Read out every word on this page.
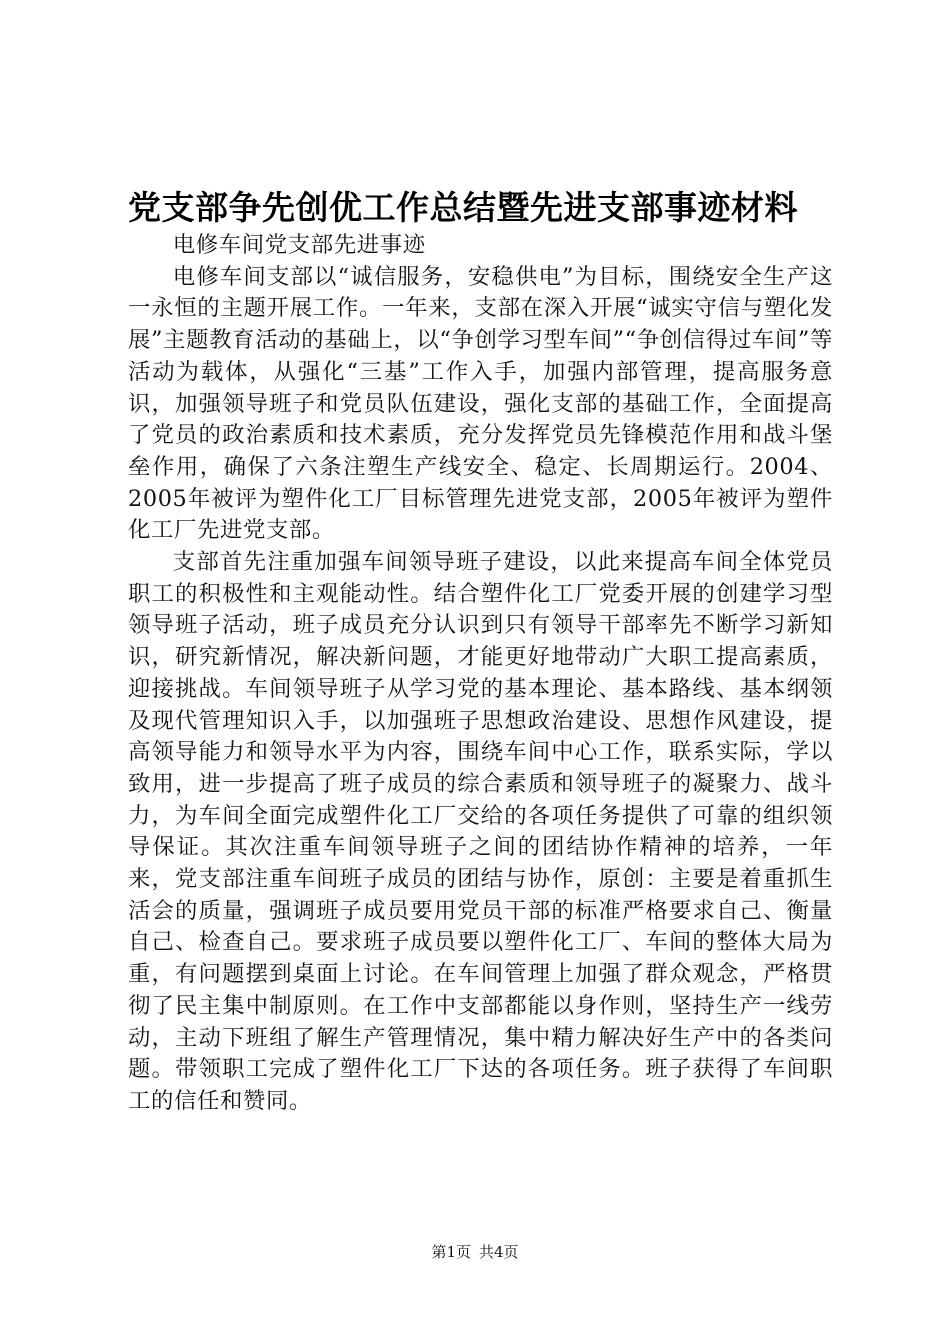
党支部争先创优工作总结暨先进支部事迹材料

电修车间党支部先进事迹

电修车间支部以“诚信服务，安稳供电”为目标，围绕安全生产这一永恒的主题开展工作。一年来，支部在深入开展“诚实守信与塑化发展”主题教育活动的基础上，以“争创学习型车间”“争创信得过车间”等活动为载体，从强化“三基”工作入手，加强内部管理，提高服务意识，加强领导班子和党员队伍建设，强化支部的基础工作，全面提高了党员的政治素质和技术素质，充分发挥党员先锋模范作用和战斗堡垒作用，确保了六条注塑生产线安全、稳定、长周期运行。2004、2005年被评为塑件化工厂目标管理先进党支部，2005年被评为塑件化工厂先进党支部。

支部首先注重加强车间领导班子建设，以此来提高车间全体党员职工的积极性和主观能动性。结合塑件化工厂党委开展的创建学习型领导班子活动，班子成员充分认识到只有领导干部率先不断学习新知识，研究新情况，解决新问题，才能更好地带动广大职工提高素质，迎接挑战。车间领导班子从学习党的基本理论、基本路线、基本纲领及现代管理知识入手，以加强班子思想政治建设、思想作风建设，提高领导能力和领导水平为内容，围绕车间中心工作，联系实际，学以致用，进一步提高了班子成员的综合素质和领导班子的凝聚力、战斗力，为车间全面完成塑件化工厂交给的各项任务提供了可靠的组织领导保证。其次注重车间领导班子之间的团结协作精神的培养，一年来，党支部注重车间班子成员的团结与协作，原创：主要是着重抓生活会的质量，强调班子成员要用党员干部的标准严格要求自己、衡量自己、检查自己。要求班子成员要以塑件化工厂、车间的整体大局为重，有问题摆到桌面上讨论。在车间管理上加强了群众观念，严格贯彻了民主集中制原则。在工作中支部都能以身作则，坚持生产一线劳动，主动下班组了解生产管理情况，集中精力解决好生产中的各类问题。带领职工完成了塑件化工厂下达的各项任务。班子获得了车间职工的信任和赞同。

第1页 共4页
